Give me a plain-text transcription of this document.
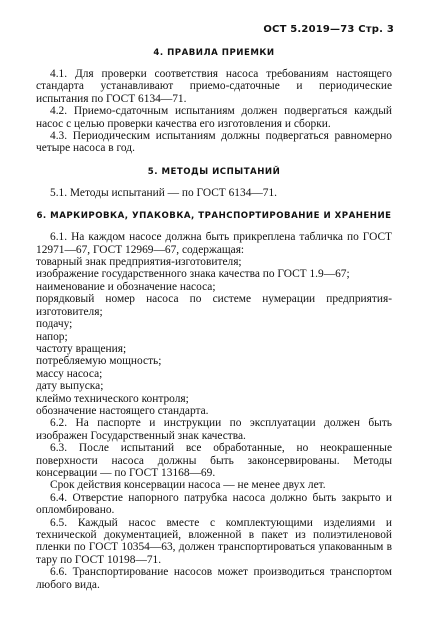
ОСТ 5.2019—73 Стр. 3
4. ПРАВИЛА ПРИЕМКИ

4.1. Для проверки соответствия насоса требованиям настоящего стандарта устанавливают приемо-сдаточные и периодические испытания по ГОСТ 6134—71.

4.2. Приемо-сдаточным испытаниям должен подвергаться каждый насос с целью проверки качества его изготовления и сборки.

4.3. Периодическим испытаниям должны подвергаться равномерно четыре насоса в год.

5. МЕТОДЫ ИСПЫТАНИЙ

5.1. Методы испытаний — по ГОСТ 6134—71.

6. МАРКИРОВКА, УПАКОВКА, ТРАНСПОРТИРОВАНИЕ И ХРАНЕНИЕ

6.1. На каждом насосе должна быть прикреплена табличка по ГОСТ 12971—67, ГОСТ 12969—67, содержащая:

товарный знак предприятия-изготовителя;

изображение государственного знака качества по ГОСТ 1.9—67;

наименование и обозначение насоса;

порядковый номер насоса по системе нумерации предприятия-изготовителя;

подачу;

напор;

частоту вращения;

потребляемую мощность;

массу насоса;

дату выпуска;

клеймо технического контроля;

обозначение настоящего стандарта.

6.2. На паспорте и инструкции по эксплуатации должен быть изображен Государственный знак качества.

6.3. После испытаний все обработанные, но неокрашенные поверхности насоса должны быть законсервированы. Методы консервации — по ГОСТ 13168—69.

Срок действия консервации насоса — не менее двух лет.

6.4. Отверстие напорного патрубка насоса должно быть закрыто и опломбировано.

6.5. Каждый насос вместе с комплектующими изделиями и технической документацией, вложенной в пакет из полиэтиленовой пленки по ГОСТ 10354—63, должен транспортироваться упакованным в тару по ГОСТ 10198—71.

6.6. Транспортирование насосов может производиться транспортом любого вида.
